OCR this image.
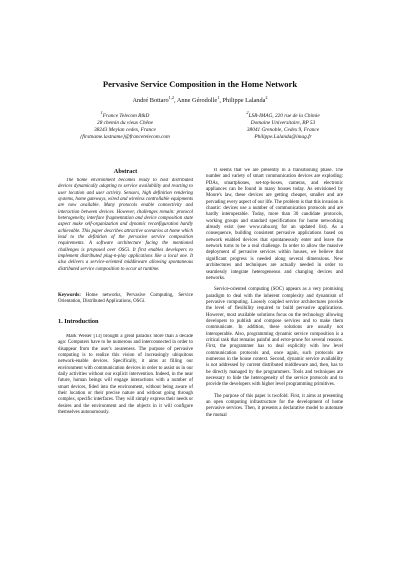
Pervasive Service Composition in the Home Network
André Bottaro$^{1,2}$, Anne Gérodolle$^1$, Philippe Lalanda$^2$
$^1$France Telecom R&D
28 chemin du vieux Chêne
38243 Meylan cedex, France
{firstname.lastname}@francetelecom.com
$^2$LSR-IMAG, 220 rue de la Chimie
Domaine Universitaire, BP 53
38041 Grenoble, Cedex 9, France
Philippe.Lalanda@imag.fr
Abstract

The home environment becomes ready to host distributed devices dynamically adapting to service availability and reacting to user location and user activity. Sensors, high definition rendering systems, home gateways, wired and wireless controllable equipments are now available. Many protocols enable connectivity and interaction between devices. However, challenges remain: protocol heterogeneity, interface fragmentation and device composition state aspect make self-organization and dynamic reconfiguration hardly achievable. This paper describes attractive scenarios at home which lead to the definition of the pervasive service composition requirements. A software architecture facing the mentioned challenges is proposed over OSGi. It first enables developers to implement distributed plug-n-play applications like a local one. It also delivers a service-oriented middleware allowing spontaneous distributed service composition to occur at runtime.

Keywords: Home networks, Pervasive Computing, Service Orientation, Distributed Applications, OSGi.
1. Introduction

Mark Weiser [13] brought a great paradox more than a decade ago: Computers have to be numerous and interconnected in order to disappear from the user's awareness. The purpose of pervasive computing is to realize this vision of increasingly ubiquitous network-enable devices. Specifically, it aims at filling our environment with communication devices in order to assist us in our daily activities without our explicit intervention. Indeed, in the near future, human beings will engage interactions with a number of smart devices, fided into the environment, without being aware of their location or their precise nature and without going through complex, specific interfaces. They will simply express their needs or desires and the environment and the objects in it will configure themselves autonomously.

It seems that we are presently in a transitioning phase. The number and variety of smart communication devices are exploding: PDAs, smartphones, set-top-boxes, cameras, and electronic appliances can be found in many houses today. As envisioned by Moore's law, these devices are getting cheaper, smaller and are pervading every aspect of our life. The problem is that this invasion is chaotic: devices use a number of communication protocols and are hardly interoperable. Today, more than 30 candidate protocols, working groups and standard specifications for home networking already exist (see www.caba.org for an updated list). As a consequence, building consistent pervasive applications based on network enabled devices that spontaneously enter and leave the network turns to be a real challenge. In order to allow the massive deployment of pervasive services within houses, we believe that significant progress is needed along several dimensions. New architectures and techniques are actually needed in order to seamlessly integrate heterogeneous and changing devices and networks.

Service-oriented computing (SOC) appears as a very promising paradigm to deal with the inherent complexity and dynamism of pervasive computing. Loosely coupled service architectures provide the level of flexibility required to build pervasive applications. However, most available solutions focus on the technology allowing developers to publish and compose services and to make them communicate. In addition, these solutions are usually not interoperable. Also, programming dynamic service composition is a critical task that remains painful and error-prone for several reasons. First, the programmer has to deal explicitly with low level communication protocols and, once again, such protocols are numerous in the house context. Second, dynamic service availability is not addressed by current distributed middleware and, then, has to be directly managed by the programmers. Tools and techniques are necessary to hide the heterogeneity of the service protocols and to provide the developers with higher level programming primitives.

The purpose of this paper is twofold. First, it aims at presenting an open computing infrastructure for the development of home pervasive services. Then, it presents a declarative model to automate the mutual
